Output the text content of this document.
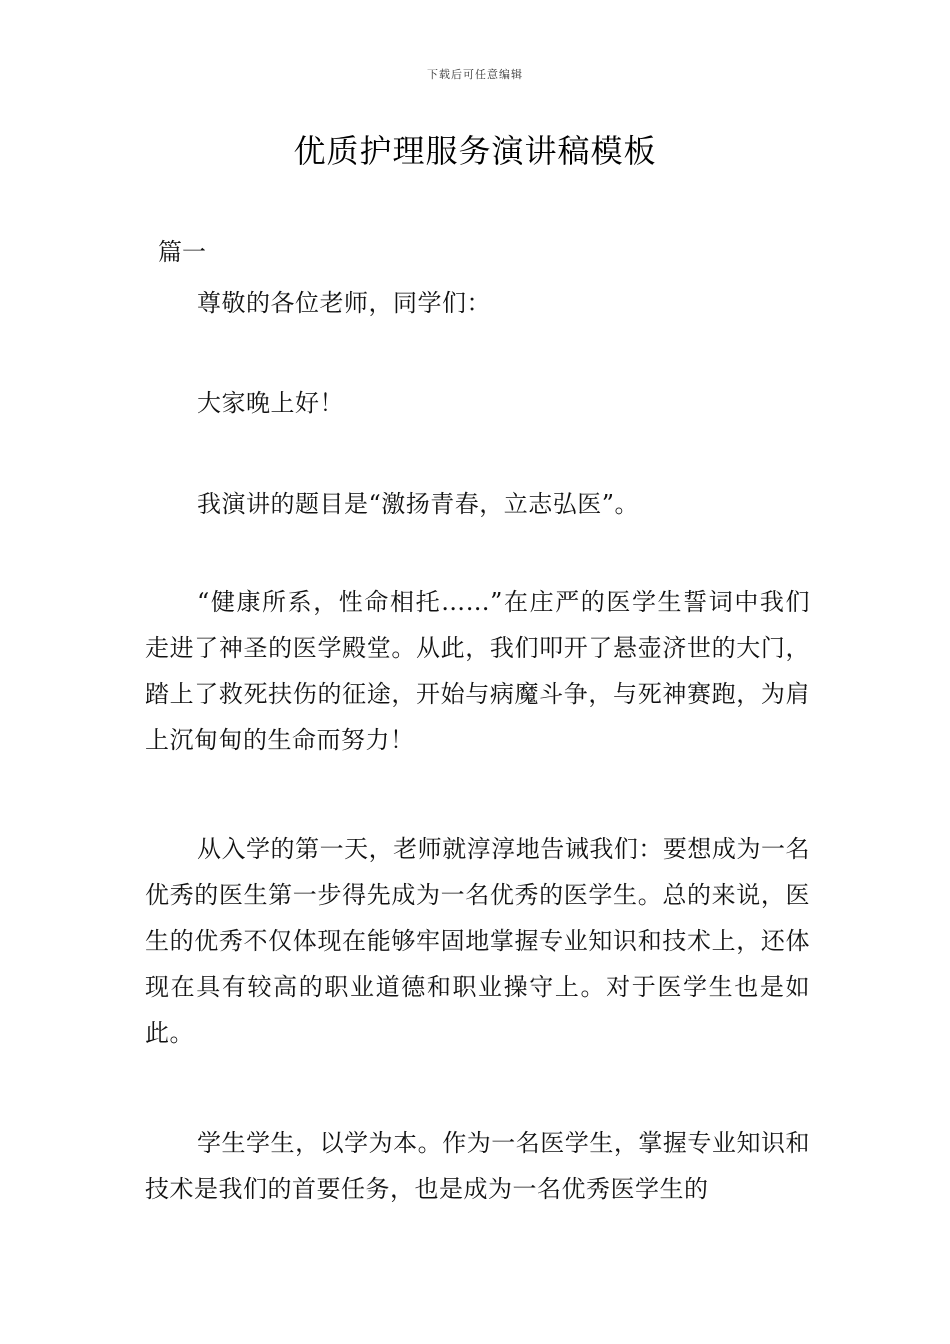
下载后可任意编辑
优质护理服务演讲稿模板
篇一

尊敬的各位老师，同学们：

大家晚上好！

我演讲的题目是“激扬青春，立志弘医”。

“健康所系，性命相托……”在庄严的医学生誓词中我们走进了神圣的医学殿堂。从此，我们叩开了悬壶济世的大门，踏上了救死扶伤的征途，开始与病魔斗争，与死神赛跑，为肩上沉甸甸的生命而努力！

从入学的第一天，老师就淳淳地告诫我们：要想成为一名优秀的医生第一步得先成为一名优秀的医学生。总的来说，医生的优秀不仅体现在能够牢固地掌握专业知识和技术上，还体现在具有较高的职业道德和职业操守上。对于医学生也是如此。

学生学生，以学为本。作为一名医学生，掌握专业知识和技术是我们的首要任务，也是成为一名优秀医学生的
